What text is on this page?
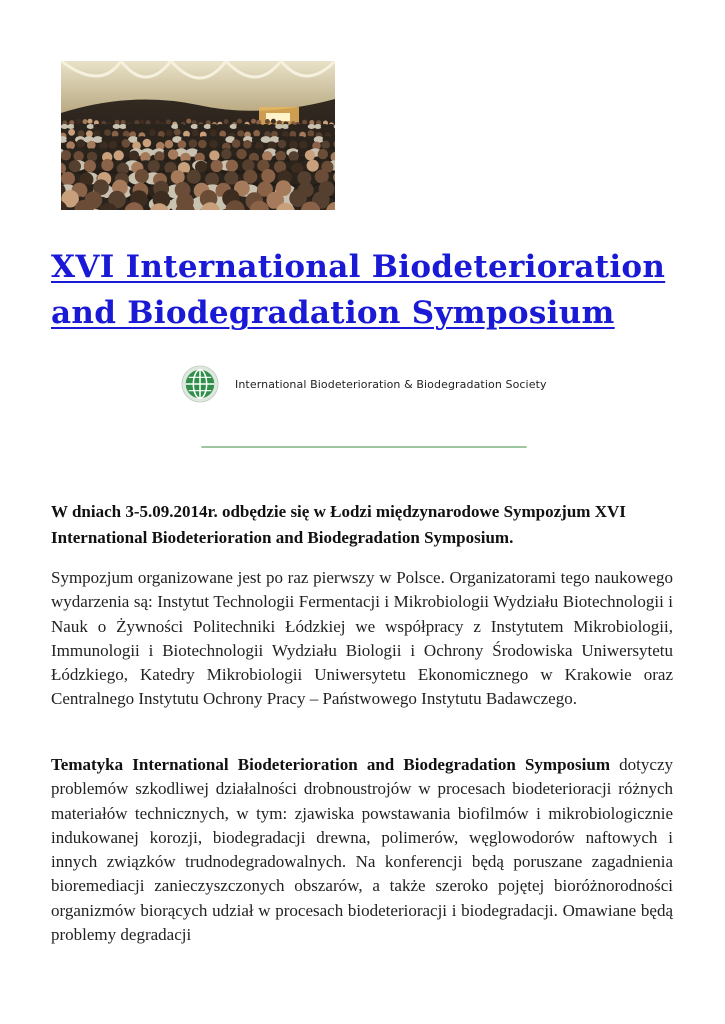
XVI International Biodeterioration and Biodegradation Symposium
International Biodeterioration & Biodegradation Society
______________________________________________________

W dniach 3-5.09.2014r. odbędzie się w Łodzi międzynarodowe Sympozjum XVI International Biodeterioration and Biodegradation Symposium.

Sympozjum organizowane jest po raz pierwszy w Polsce. Organizatorami tego naukowego wydarzenia są: Instytut Technologii Fermentacji i Mikrobiologii Wydziału Biotechnologii i Nauk o Żywności Politechniki Łódzkiej we współpracy z Instytutem Mikrobiologii, Immunologii i Biotechnologii Wydziału Biologii i Ochrony Środowiska Uniwersytetu Łódzkiego, Katedry Mikrobiologii Uniwersytetu Ekonomicznego w Krakowie oraz Centralnego Instytutu Ochrony Pracy – Państwowego Instytutu Badawczego.

Tematyka International Biodeterioration and Biodegradation Symposium dotyczy problemów szkodliwej działalności drobnoustrojów w procesach biodeterioracji różnych materiałów technicznych, w tym: zjawiska powstawania biofilmów i mikrobiologicznie indukowanej korozji, biodegradacji drewna, polimerów, węglowodorów naftowych i innych związków trudnodegradowalnych. Na konferencji będą poruszane zagadnienia bioremediacji zanieczyszczonych obszarów, a także szeroko pojętej bioróżnorodności organizmów biorących udział w procesach biodeterioracji i biodegradacji. Omawiane będą problemy degradacji
